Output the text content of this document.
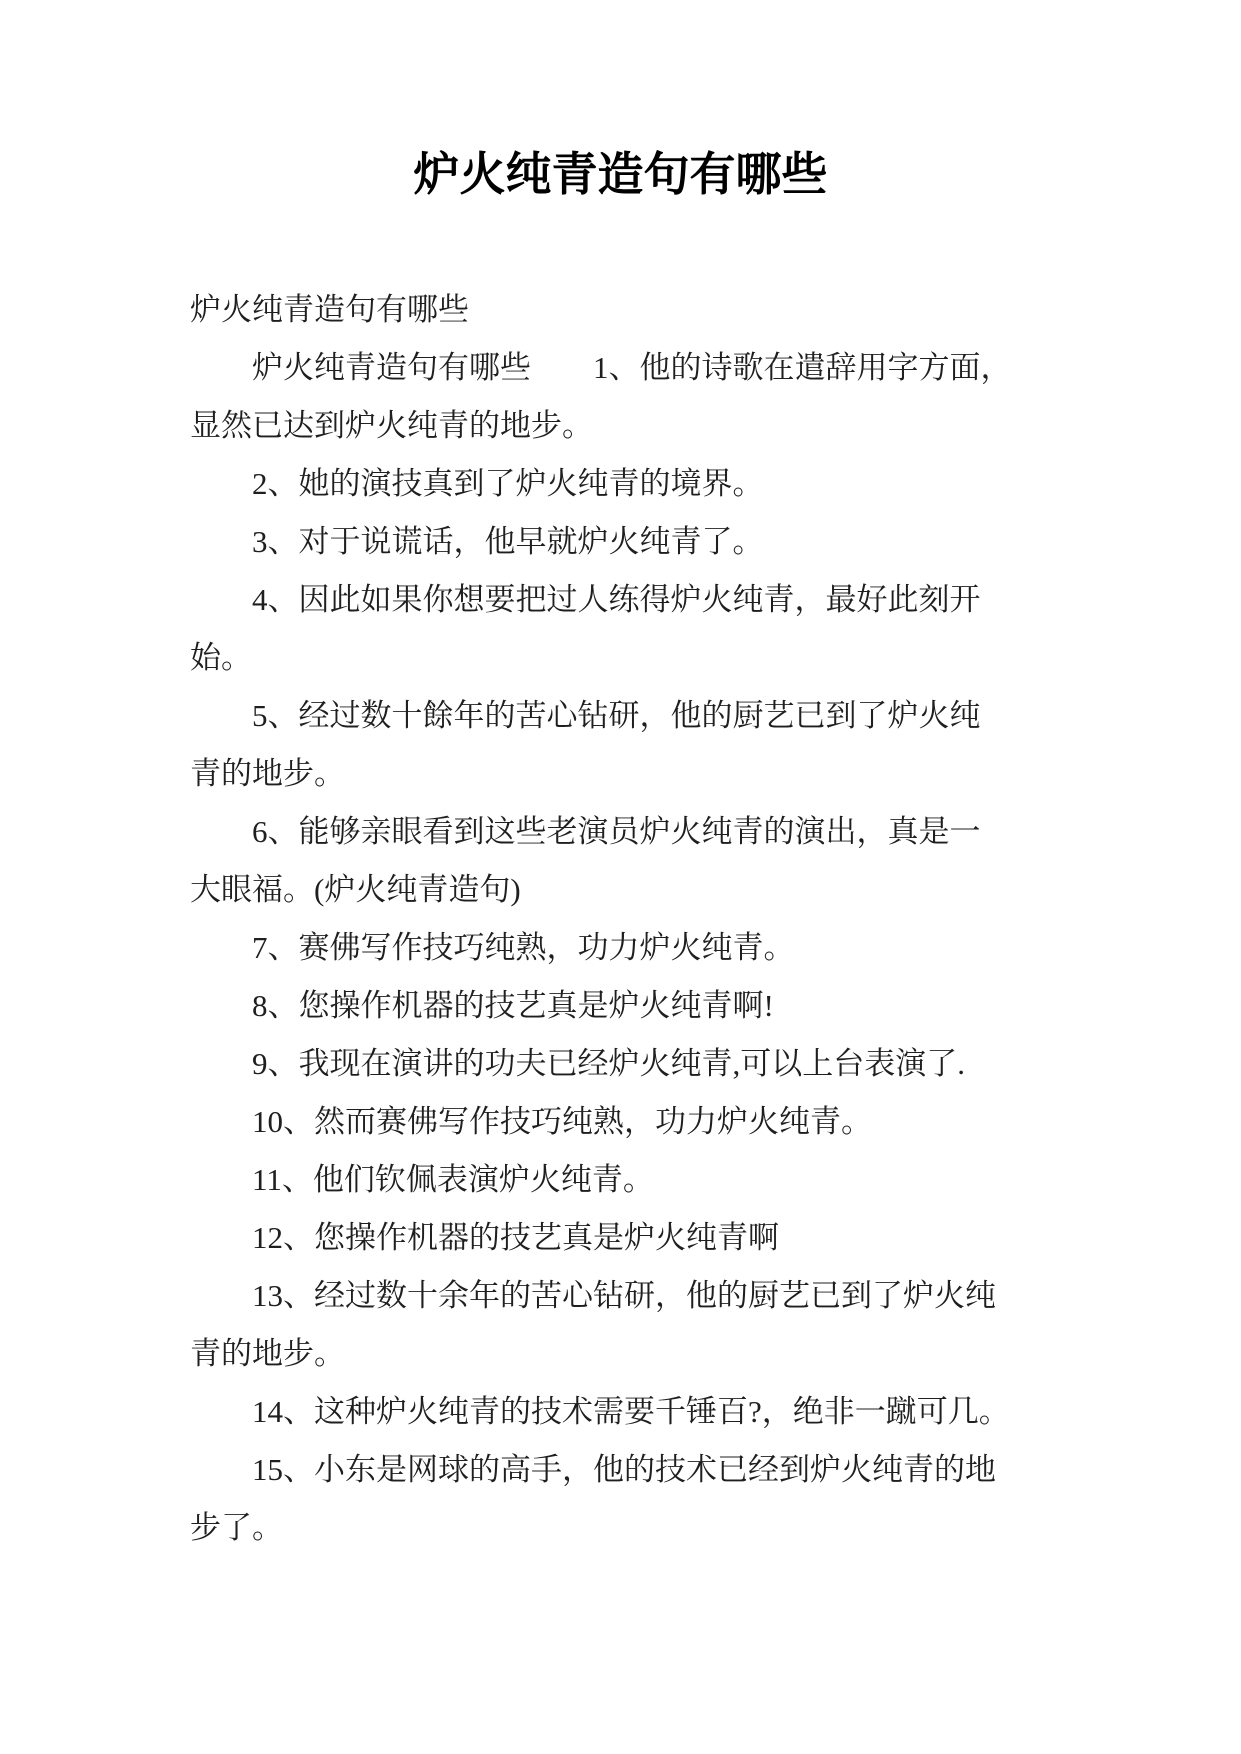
炉火纯青造句有哪些
炉火纯青造句有哪些
　　炉火纯青造句有哪些　　1、他的诗歌在遣辞用字方面，
显然已达到炉火纯青的地步。
　　2、她的演技真到了炉火纯青的境界。
　　3、对于说谎话，他早就炉火纯青了。
　　4、因此如果你想要把过人练得炉火纯青，最好此刻开
始。
　　5、经过数十餘年的苦心钻研，他的厨艺已到了炉火纯
青的地步。
　　6、能够亲眼看到这些老演员炉火纯青的演出，真是一
大眼福。(炉火纯青造句)
　　7、赛佛写作技巧纯熟，功力炉火纯青。
　　8、您操作机器的技艺真是炉火纯青啊!
　　9、我现在演讲的功夫已经炉火纯青,可以上台表演了.
　　10、然而赛佛写作技巧纯熟，功力炉火纯青。
　　11、他们钦佩表演炉火纯青。
　　12、您操作机器的技艺真是炉火纯青啊
　　13、经过数十余年的苦心钻研，他的厨艺已到了炉火纯
青的地步。
　　14、这种炉火纯青的技术需要千锤百?，绝非一蹴可几。
　　15、小东是网球的高手，他的技术已经到炉火纯青的地
步了。
